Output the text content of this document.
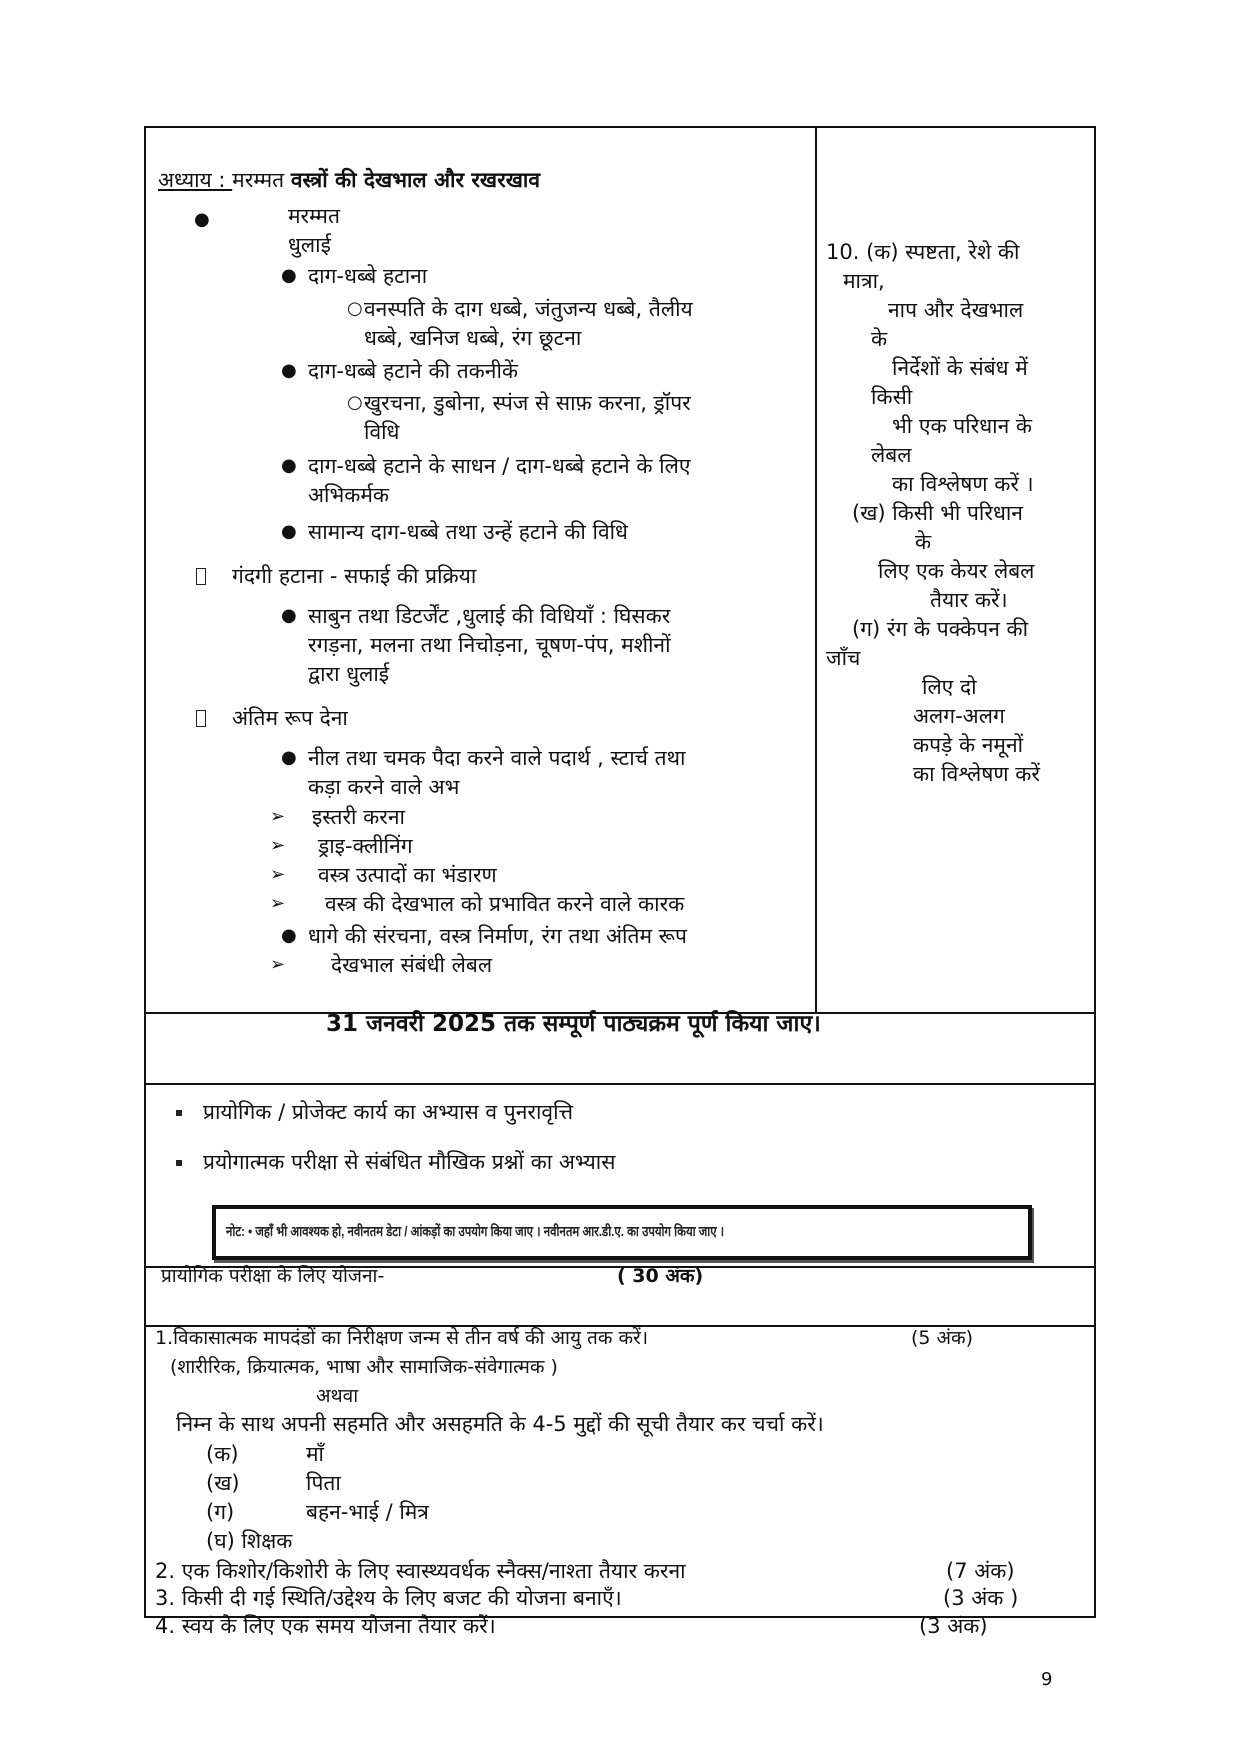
अध्याय : मरम्मत वस्त्रों की देखभाल और रखरखाव
●	मरम्मत
धुलाई
● दाग-धब्बे हटाना
○ वनस्पति के दाग धब्बे, जंतुजन्य धब्बे, तैलीय
धब्बे, खनिज धब्बे, रंग छूटना
● दाग-धब्बे हटाने की तकनीकें
○ खुरचना, डुबोना, स्पंज से साफ़ करना, ड्रॉपर
विधि
● दाग-धब्बे हटाने के साधन / दाग-धब्बे हटाने के लिए
अभिकर्मक
● सामान्य दाग-धब्बे तथा उन्हें हटाने की विधि
गंदगी हटाना - सफाई की प्रक्रिया
● साबुन तथा डिटर्जेंट ,धुलाई की विधियाँ : घिसकर
रगड़ना, मलना तथा निचोड़ना, चूषण-पंप, मशीनों
द्वारा धुलाई
अंतिम रूप देना
● नील तथा चमक पैदा करने वाले पदार्थ , स्टार्च तथा
कड़ा करने वाले अभ
➢ इस्तरी करना
➢ ड्राइ-क्लीनिंग
➢ वस्त्र उत्पादों का भंडारण
➢ वस्त्र की देखभाल को प्रभावित करने वाले कारक
● धागे की संरचना, वस्त्र निर्माण, रंग तथा अंतिम रूप
➢ देखभाल संबंधी लेबल
10. (क) स्पष्टता, रेशे की
मात्रा,
नाप और देखभाल
के
निर्देशों के संबंध में
किसी
भी एक परिधान के
लेबल
का विश्लेषण करें ।
(ख) किसी भी परिधान
के
लिए एक केयर लेबल
तैयार करें।
(ग) रंग के पक्केपन की
जाँच
लिए दो
अलग-अलग
कपड़े के नमूनों
का विश्लेषण करें
31 जनवरी 2025 तक सम्पूर्ण पाठ्यक्रम पूर्ण किया जाए।
प्रायोगिक / प्रोजेक्ट कार्य का अभ्यास व पुनरावृत्ति
प्रयोगात्मक परीक्षा से संबंधित मौखिक प्रश्नों का अभ्यास
नोट: • जहाँ भी आवश्यक हो, नवीनतम डेटा / आंकड़ों का उपयोग किया जाए । नवीनतम आर.डी.ए. का उपयोग किया जाए ।
प्रायोगिक परीक्षा के लिए योजना-	( 30 अंक)
1.विकासात्मक मापदंडों का निरीक्षण जन्म से तीन वर्ष की आयु तक करें।	(5 अंक)
(शारीरिक, क्रियात्मक, भाषा और सामाजिक-संवेगात्मक )
अथवा
निम्न के साथ अपनी सहमति और असहमति के 4-5 मुद्दों की सूची तैयार कर चर्चा करें।
(क)	माँ
(ख)	पिता
(ग)	बहन-भाई / मित्र
(घ) शिक्षक
2. एक किशोर/किशोरी के लिए स्वास्थ्यवर्धक स्नैक्स/नाश्ता तैयार करना	(7 अंक)
3. किसी दी गई स्थिति/उद्देश्य के लिए बजट की योजना बनाएँ।	(3 अंक )
4. स्वयं के लिए एक समय योजना तैयार करें।	(3 अंक)
9
